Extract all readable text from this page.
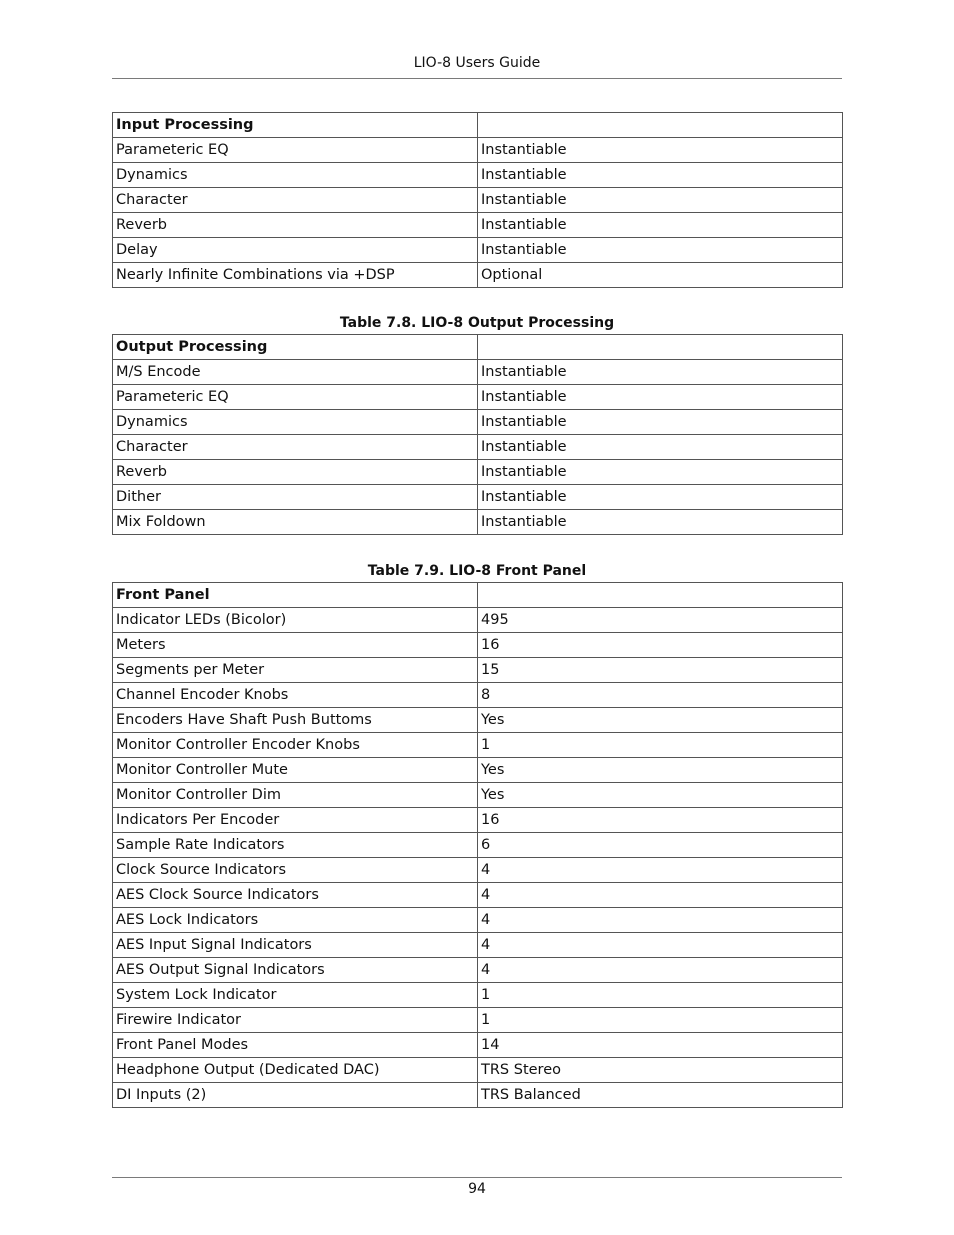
LIO-8 Users Guide
Input Processing	
Parameteric EQ	Instantiable
Dynamics	Instantiable
Character	Instantiable
Reverb	Instantiable
Delay	Instantiable
Nearly Infinite Combinations via +DSP	Optional
Table 7.8. LIO-8 Output Processing
Output Processing	
M/S Encode	Instantiable
Parameteric EQ	Instantiable
Dynamics	Instantiable
Character	Instantiable
Reverb	Instantiable
Dither	Instantiable
Mix Foldown	Instantiable
Table 7.9. LIO-8 Front Panel
Front Panel	
Indicator LEDs (Bicolor)	495
Meters	16
Segments per Meter	15
Channel Encoder Knobs	8
Encoders Have Shaft Push Buttoms	Yes
Monitor Controller Encoder Knobs	1
Monitor Controller Mute	Yes
Monitor Controller Dim	Yes
Indicators Per Encoder	16
Sample Rate Indicators	6
Clock Source Indicators	4
AES Clock Source Indicators	4
AES Lock Indicators	4
AES Input Signal Indicators	4
AES Output Signal Indicators	4
System Lock Indicator	1
Firewire Indicator	1
Front Panel Modes	14
Headphone Output (Dedicated DAC)	TRS Stereo
DI Inputs (2)	TRS Balanced
94
